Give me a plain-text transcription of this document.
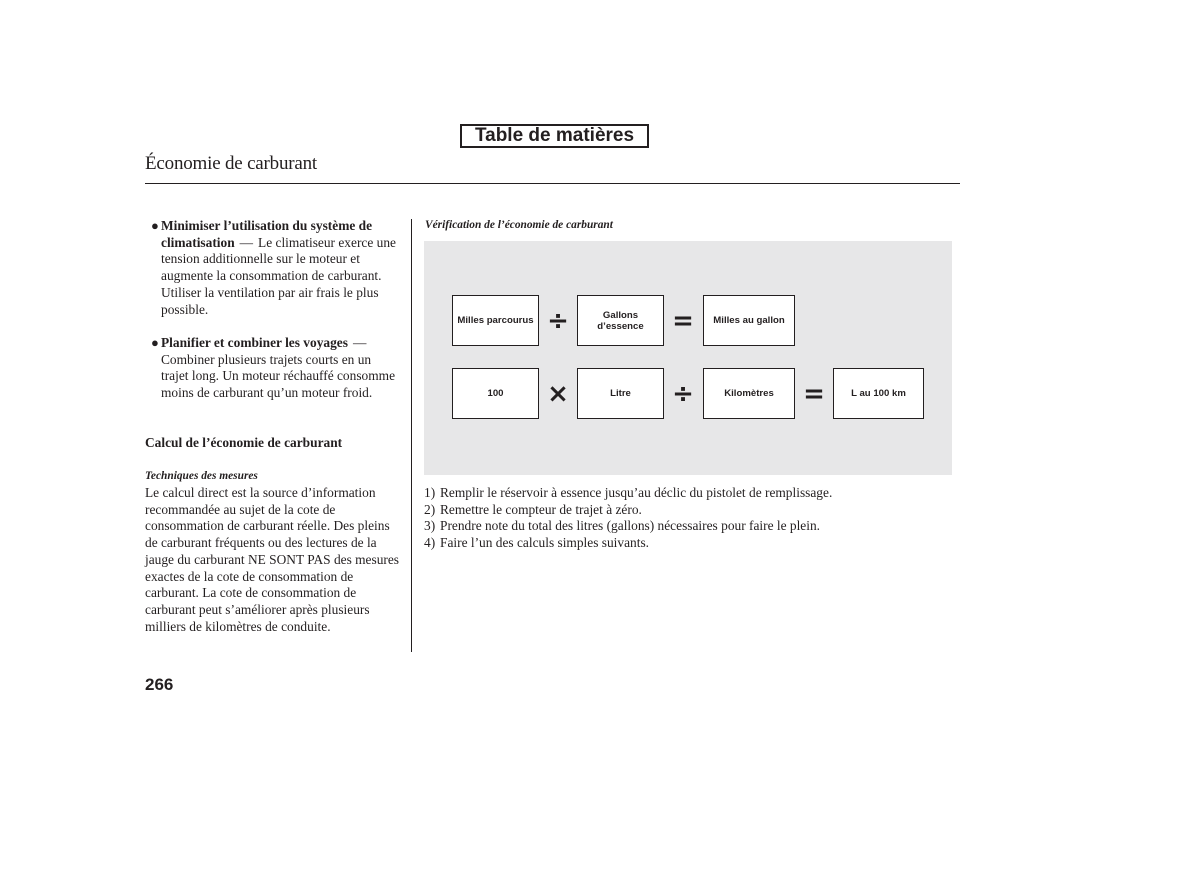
Table de matières
Économie de carburant
● Minimiser l’utilisation du système de climatisation — Le climatiseur exerce une tension additionnelle sur le moteur et augmente la consommation de carburant. Utiliser la ventilation par air frais le plus possible.
● Planifier et combiner les voyages —Combiner plusieurs trajets courts en un trajet long. Un moteur réchauffé consomme moins de carburant qu’un moteur froid.
Calcul de l’économie de carburant
Techniques des mesures
Le calcul direct est la source d’information recommandée au sujet de la cote de consommation de carburant réelle. Des pleins de carburant fréquents ou des lectures de la jauge du carburant NE SONT PAS des mesures exactes de la cote de consommation de carburant. La cote de consommation de carburant peut s’améliorer après plusieurs milliers de kilomètres de conduite.
Vérification de l’économie de carburant
Milles parcourus ÷	Gallons
d’essence =	Milles au gallon
100	×	Litre	÷	Kilomètres	=	L au 100 km
1) Remplir le réservoir à essence jusqu’au déclic du pistolet de remplissage.
2) Remettre le compteur de trajet à zéro.
3) Prendre note du total des litres (gallons) nécessaires pour faire le plein.
4) Faire l’un des calculs simples suivants.
266
